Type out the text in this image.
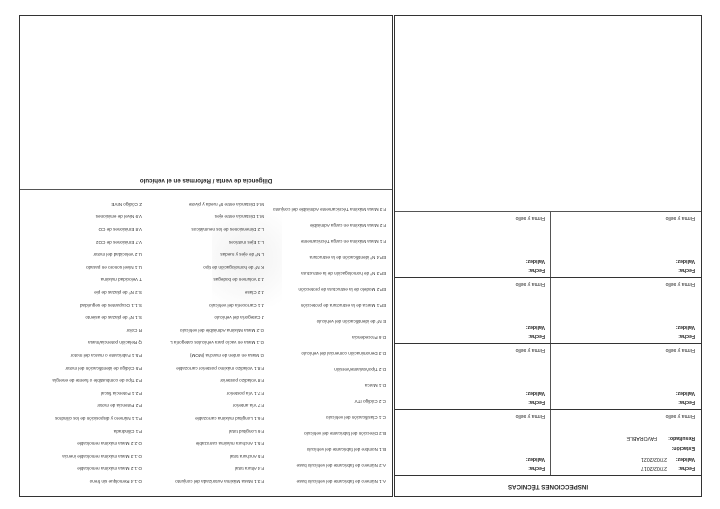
INSPECCIONES TÉCNICAS
Fecha:
27/02/2017
Validez:
27/02/2021
Estación:
Resultado:
FAVORABLE
Firma y sello
Fecha:
Validez:
Firma y sello
Fecha:
Validez:
Firma y sello
Fecha:
Validez:
Firma y sello
Fecha:
Validez:
Firma y sello
Fecha:
Validez:
Firma y sello
Fecha:
Validez:
Firma y sello
Fecha:
Validez:
Firma y sello
Diligencia de venta / Reformas en el vehículo
A.1 Número de fabricante del vehículo base
A.2 Número de fabricante del vehículo base
B.1 Nombre del fabricante del vehículo
B.2 Dirección del fabricante del vehículo
C.1 Clasificación del vehículo
C.2 Código ITV
D.1 Marca
D.2 Tipo/Variante/Versión
D.3 Denominación comercial del vehículo
D.6 Procedencia
E Nº de identificación del vehículo
EP.1 Marca de la estructura de protección
EP.2 Modelo de la estructura de protección
EP.3 Nº de homologación de la estructura
EP.4 Nº identificación de la estructura
F.1 Masa Máxima en carga Técnicamente
F.2 Masa Máxima en carga Admisible
F.3 Masa Máxima Técnicamente Admisible del conjunto
F.3.1 Masa Máxima Autorizada del conjunto
F.4 Altura total
F.5 Anchura total
F.5.1 Anchura máxima carrozable
F.6 Longitud total
F.6.1 Longitud máxima carrozable
F.7 Vía anterior
F.7.1 Vía posterior
F.8 Voladizo posterior
F.8.1 Voladizo máximo posterior carrozable
G Masa en orden de marcha (MOM)
G.1 Masa en vacío para vehículos categoría L
G.2 Masa Máxima Admisible del vehículo
J Categoría del vehículo
J.1 Carrocería del vehículo
J.2 Clase
J.3 Volumen de bodegas
K Nº de homologación de tipo
L Nº de ejes y ruedas
L.1 Ejes motrices
L.2 Dimensiones de los neumáticos
M.1 Distancia entre ejes
M.4 Distancia entre 5ª rueda y pivote
O.1.4 Remolque sin freno
O.1.2 Masa máxima remolcable
O.1.3 Masa máxima remolcable inercia
O.2.2 Masa máxima remolcable
P.1 Cilindrada
P.1.1 Número y disposición de los cilindros
P.2 Potencia de motor
P.2.1 Potencia fiscal
P.3 Tipo de combustible o fuente de energía
P.5 Código de identificación del motor
P.5.1 Fabricante o marca del motor
Q Relación potencia/masa
R Color
S.1 Nº de plazas de asiento
S.1.1 Ocupantes de seguridad
S.2 Nº de plazas de pie
T Velocidad máxima
U.1 Nivel sonoro en parado
U.2 Velocidad del motor
V.7 Emisiones de CO2
V.8 Emisiones de CO
V.9 Nivel de emisiones
Z Código NIVE
